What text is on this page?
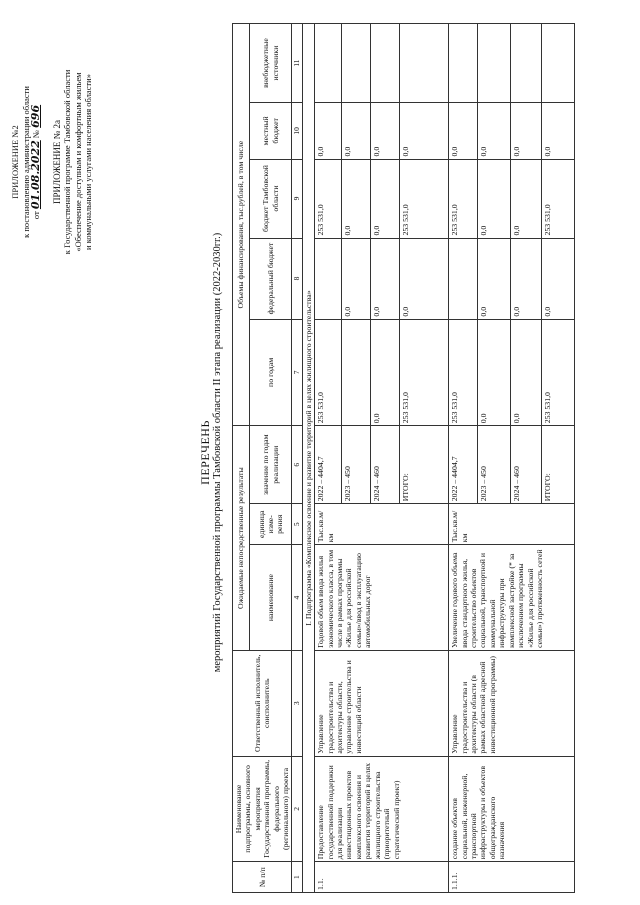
ПРИЛОЖЕНИЕ №2 к постановлению администрации области от 01.08.2022 № 696
ПРИЛОЖЕНИЕ № 2а к Государственной программе Тамбовской области «Обеспечение доступным и комфортным жильем и коммунальными услугами населения области»
ПЕРЕЧЕНЬ мероприятий Государственной программы Тамбовской области II этапа реализации (2022-2030гг.)
№ п/п	Наименование подпрограммы, основного мероприятия Государственной программы, федерального (регионального) проекта	Ответственный исполнитель, соисполнитель	Ожидаемые непосредственные результаты			Объемы финансирования, тыс.рублей, в том числе				
			наименование	единица изме-рения	значение по годам реализации	по годам	федеральный бюджет	бюджет Тамбовской области	местный бюджет	внебюджетные источники
1	2	3	4	5	6	7	8	9	10	11
I. Подпрограмма «Комплексное освоение и развитие территорий в целях жилищного строительства»										
1.1.	Предоставление государственной поддержки для реализации инвестиционных проектов комплексного освоения и развития территорий в целях жилищного строительства (приоритетный стратегический проект)	Управление градостроительства и архитектуры области, управление строительства и инвестиций области	Годовой объем ввода жилья экономического класса, в том числе в рамках программы «Жилье для российской семьи»/ввод в эксплуатацию автомобильных дорог	Тыс.кв.м/км	2022 – 4404,7	253 531,0		253 531,0	0,0	
					2023 – 450		0,0	0,0	0,0	
					2024 – 460	0,0	0,0	0,0	0,0	
					ИТОГО:	253 531,0	0,0	253 531,0	0,0	
1.1.1.	создание объектов социальной, инженерной, транспортной инфраструктуры и объектов общегражданского назначения	Управление градостроительства и архитектуры области (в рамках областной адресной инвестиционной программы)	Увеличение годового объема ввода стандартного жилья, строительство объектов социальной, транспортной и коммунальной инфраструктуры при комплексной застройке (* за исключением программы «Жилье для российской семьи») протяженность сетей	Тыс.кв.м/км	2022 – 4404,7	253 531,0		253 531,0	0,0	
					2023 – 450	0,0	0,0	0,0	0,0	
					2024 – 460	0,0	0,0	0,0	0,0	
					ИТОГО:	253 531,0	0,0	253 531,0	0,0	
